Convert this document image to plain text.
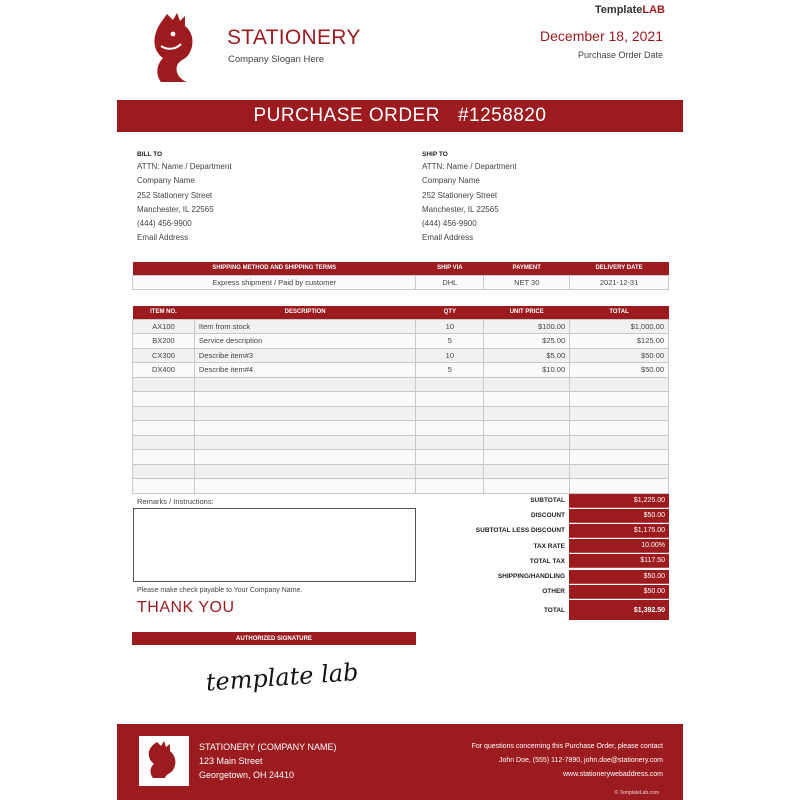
STATIONERY
Company Slogan Here
TemplateLAB
December 18, 2021
Purchase Order Date
PURCHASE ORDER #1258820
BILL TO
ATTN: Name / Department
Company Name
252 Stationery Street
Manchester, IL 22565
(444) 456-9900
Email Address
SHIP TO
ATTN: Name / Department
Company Name
252 Stationery Street
Manchester, IL 22565
(444) 456-9900
Email Address
SHIPPING METHOD AND SHIPPING TERMS	SHIP VIA	PAYMENT	DELIVERY DATE
Express shipment / Paid by customer	DHL	NET 30	2021-12-31
ITEM NO.	DESCRIPTION	QTY	UNIT PRICE	TOTAL
AX100	Item from stock	10	$100.00	$1,000.00
BX200	Service description	5	$25.00	$125.00
CX300	Describe item#3	10	$5.00	$50.00
DX400	Describe item#4	5	$10.00	$50.00

Remarks / Instructions:
Please make check payable to Your Company Name.
THANK YOU
SUBTOTAL	$1,225.00
DISCOUNT	$50.00
SUBTOTAL LESS DISCOUNT	$1,175.00
TAX RATE	10.00%
TOTAL TAX	$117.50
SHIPPING/HANDLING	$50.00
OTHER	$50.00
TOTAL	$1,392.50
AUTHORIZED SIGNATURE
template lab
STATIONERY (COMPANY NAME)
123 Main Street
Georgetown, OH 24410
For questions concerning this Purchase Order, please contact
John Doe, (555) 112-7890, john.doe@stationery.com
www.stationerywebaddress.com
© TemplateLab.com
